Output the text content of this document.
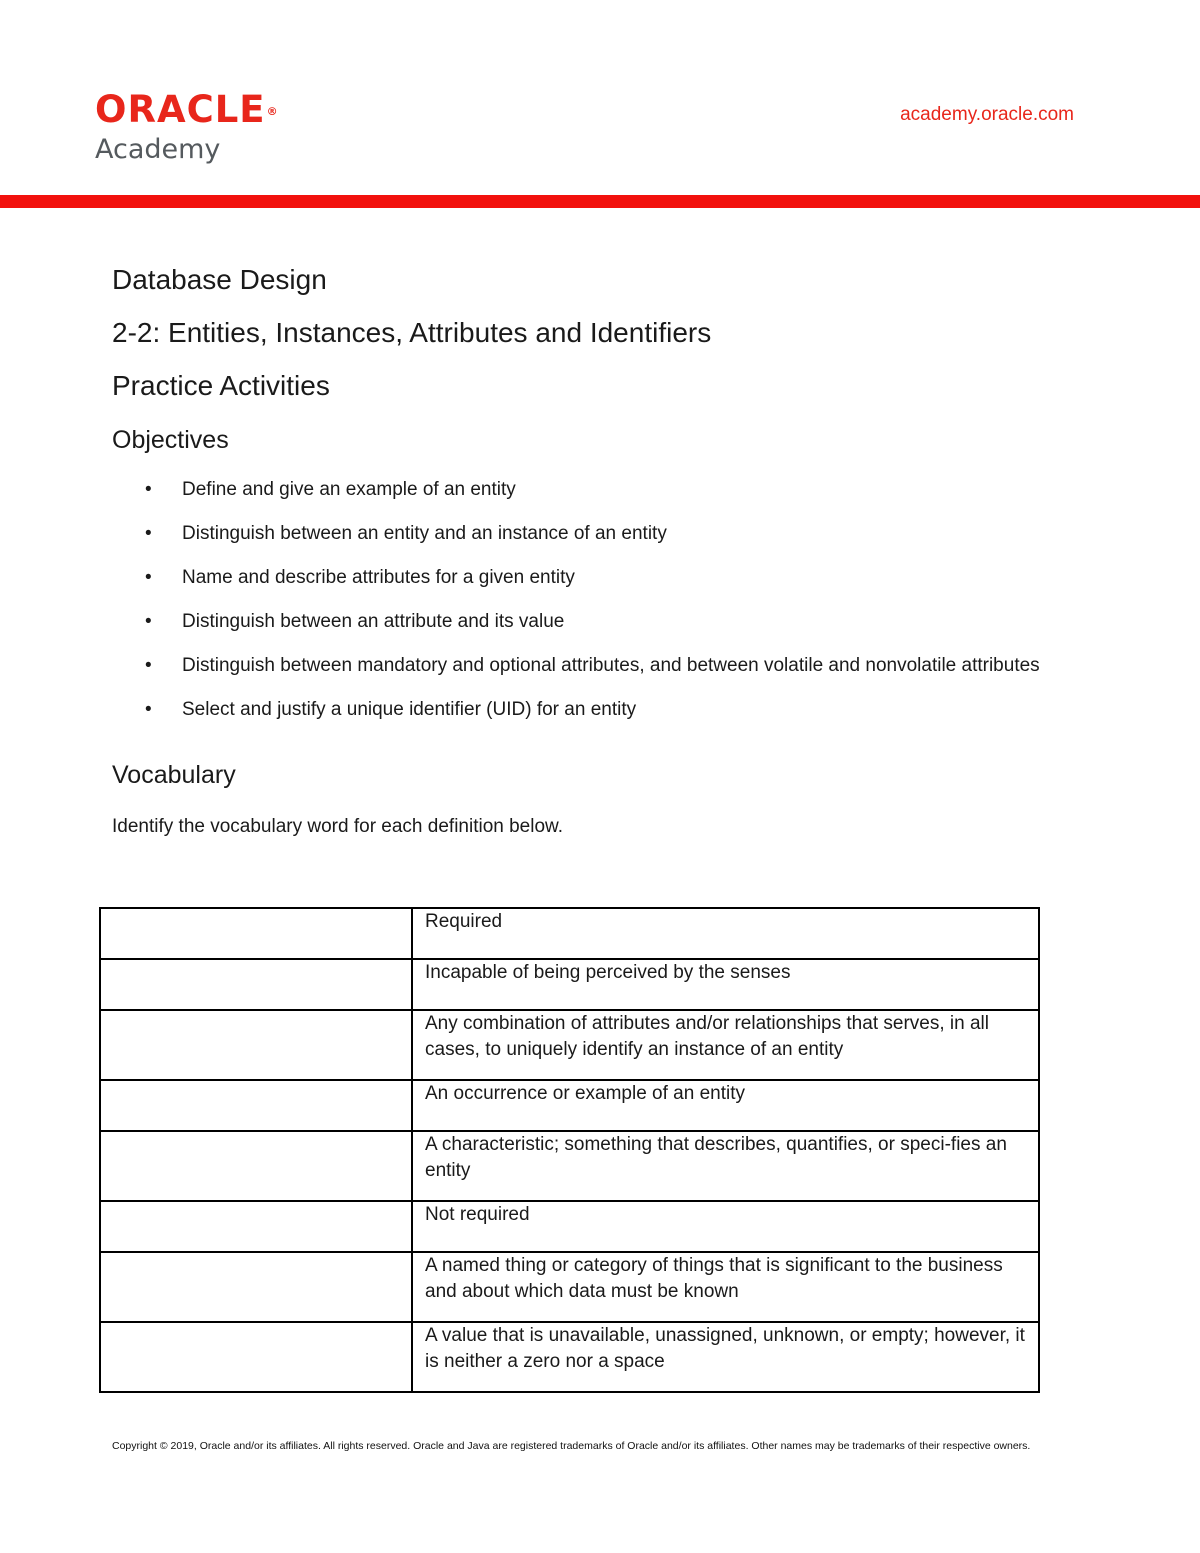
ORACLE®
Academy
academy.oracle.com
Database Design
2-2: Entities, Instances, Attributes and Identifiers
Practice Activities
Objectives
• Define and give an example of an entity
• Distinguish between an entity and an instance of an entity
• Name and describe attributes for a given entity
• Distinguish between an attribute and its value
• Distinguish between mandatory and optional attributes, and between volatile and nonvolatile attributes
• Select and justify a unique identifier (UID) for an entity
Vocabulary

Identify the vocabulary word for each definition below.

	Required
	Incapable of being perceived by the senses
	Any combination of attributes and/or relationships that serves, in all cases, to uniquely identify an instance of an entity
	An occurrence or example of an entity
	A characteristic; something that describes, quantifies, or speci-fies an entity
	Not required
	A named thing or category of things that is significant to the business and about which data must be known
	A value that is unavailable, unassigned, unknown, or empty; however, it is neither a zero nor a space
Copyright © 2019, Oracle and/or its affiliates. All rights reserved. Oracle and Java are registered trademarks of Oracle and/or its affiliates. Other names may be trademarks of their respective owners.
